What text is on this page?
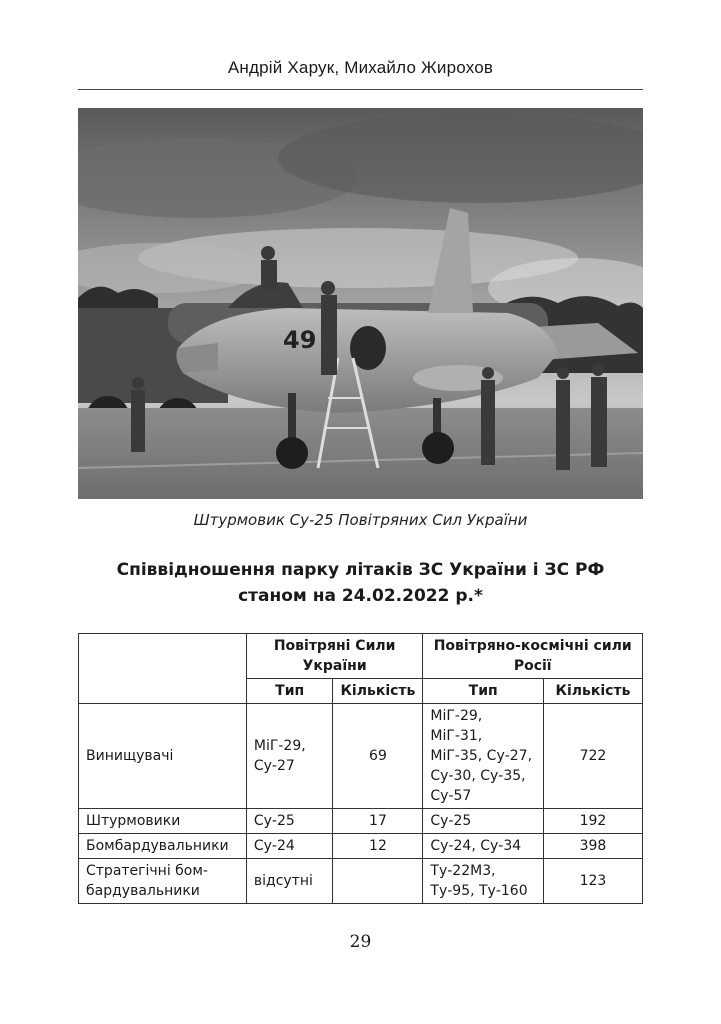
Андрій Харук, Михайло Жирохов
49
Штурмовик Су-25 Повітряних Сил України
Співвідношення парку літаків ЗС України і ЗС РФ
станом на 24.02.2022 р.*
	Повітряні Сили України		Повітряно-космічні сили Росії	
	Тип	Кількість	Тип	Кількість
Винищувачі	МіГ-29, Су-27	69	МіГ-29, МіГ-31, МіГ-35, Су-27, Су-30, Су-35, Су-57	722
Штурмовики	Су-25	17	Су-25	192
Бомбардувальники	Су-24	12	Су-24, Су-34	398
Стратегічні бом-бардувальники	відсутні		Ту-22М3, Ту-95, Ту-160	123
29
